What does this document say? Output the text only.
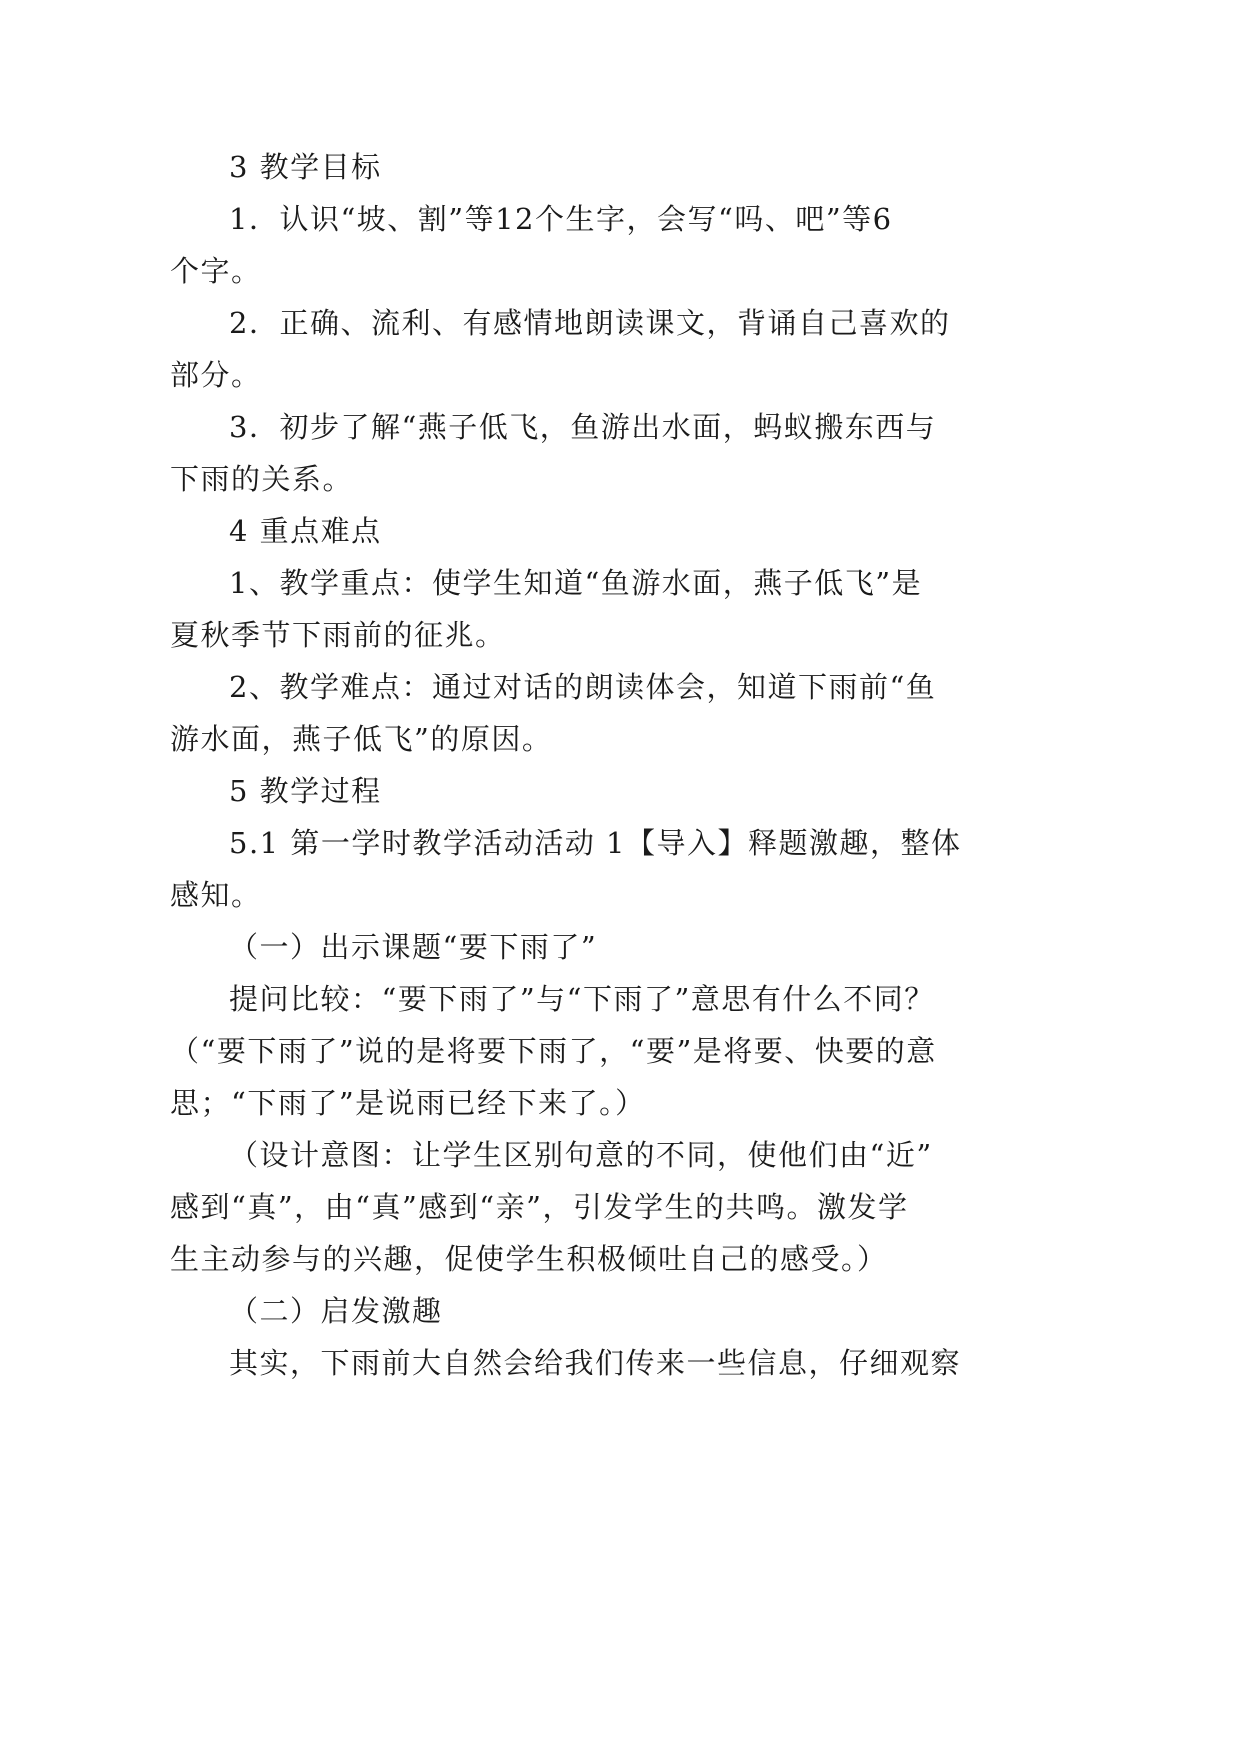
3 教学目标
1．认识“坡、割”等12个生字，会写“吗、吧”等6
个字。
2．正确、流利、有感情地朗读课文，背诵自己喜欢的
部分。
3．初步了解“燕子低飞，鱼游出水面，蚂蚁搬东西与
下雨的关系。
4 重点难点
1、教学重点：使学生知道“鱼游水面，燕子低飞”是
夏秋季节下雨前的征兆。
2、教学难点：通过对话的朗读体会，知道下雨前“鱼
游水面，燕子低飞”的原因。
5 教学过程
5.1 第一学时教学活动活动 1【导入】释题激趣，整体
感知。
（一）出示课题“要下雨了”
提问比较：“要下雨了”与“下雨了”意思有什么不同？
（“要下雨了”说的是将要下雨了，“要”是将要、快要的意
思；“下雨了”是说雨已经下来了。）
（设计意图：让学生区别句意的不同，使他们由“近”
感到“真”，由“真”感到“亲”，引发学生的共鸣。激发学
生主动参与的兴趣，促使学生积极倾吐自己的感受。）
（二）启发激趣
其实，下雨前大自然会给我们传来一些信息，仔细观察
